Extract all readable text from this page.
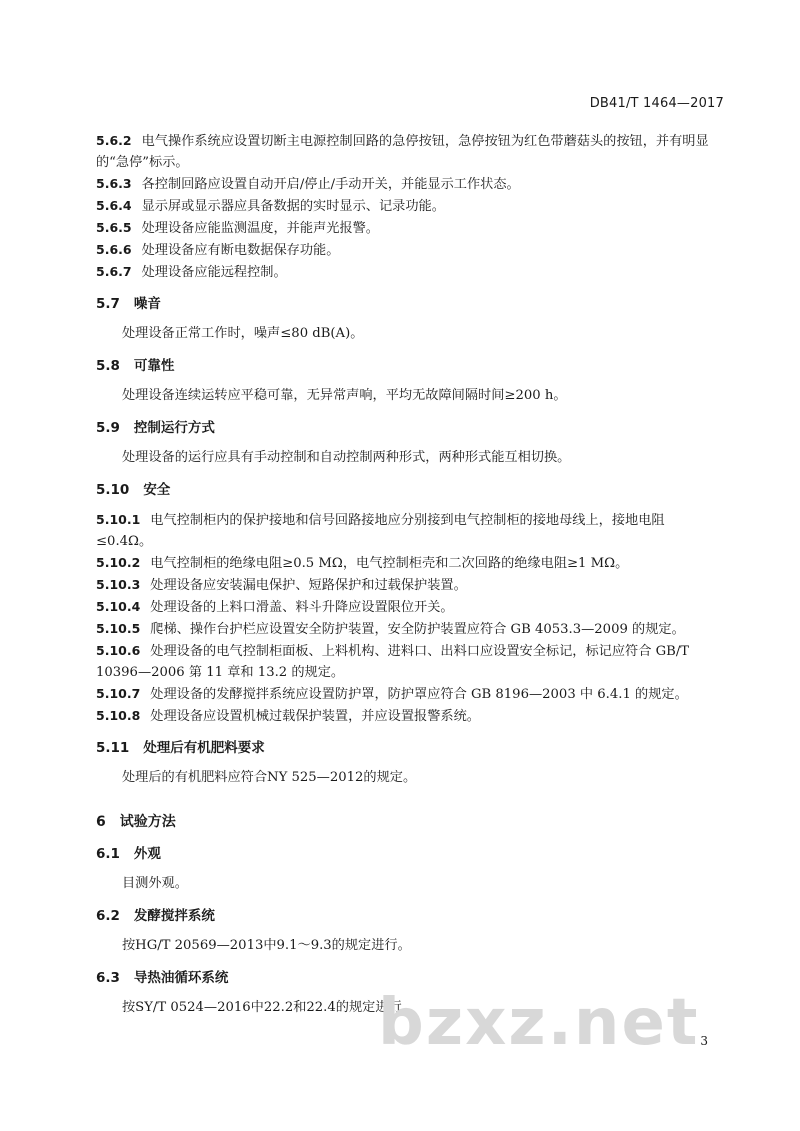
DB41/T 1464—2017

5.6.2 电气操作系统应设置切断主电源控制回路的急停按钮，急停按钮为红色带蘑菇头的按钮，并有明显的“急停”标示。

5.6.3 各控制回路应设置自动开启/停止/手动开关，并能显示工作状态。

5.6.4 显示屏或显示器应具备数据的实时显示、记录功能。

5.6.5 处理设备应能监测温度，并能声光报警。

5.6.6 处理设备应有断电数据保存功能。

5.6.7 处理设备应能远程控制。

5.7 噪音

处理设备正常工作时，噪声≤80 dB(A)。

5.8 可靠性

处理设备连续运转应平稳可靠，无异常声响，平均无故障间隔时间≥200 h。

5.9 控制运行方式

处理设备的运行应具有手动控制和自动控制两种形式，两种形式能互相切换。

5.10 安全

5.10.1 电气控制柜内的保护接地和信号回路接地应分别接到电气控制柜的接地母线上，接地电阻≤0.4Ω。

5.10.2 电气控制柜的绝缘电阻≥0.5 MΩ，电气控制柜壳和二次回路的绝缘电阻≥1 MΩ。

5.10.3 处理设备应安装漏电保护、短路保护和过载保护装置。

5.10.4 处理设备的上料口滑盖、料斗升降应设置限位开关。

5.10.5 爬梯、操作台护栏应设置安全防护装置，安全防护装置应符合 GB 4053.3—2009 的规定。

5.10.6 处理设备的电气控制柜面板、上料机构、进料口、出料口应设置安全标记，标记应符合 GB/T 10396—2006 第 11 章和 13.2 的规定。

5.10.7 处理设备的发酵搅拌系统应设置防护罩，防护罩应符合 GB 8196—2003 中 6.4.1 的规定。

5.10.8 处理设备应设置机械过载保护装置，并应设置报警系统。

5.11 处理后有机肥料要求

处理后的有机肥料应符合NY 525—2012的规定。

6 试验方法
6.1 外观

目测外观。

6.2 发酵搅拌系统

按HG/T 20569—2013中9.1～9.3的规定进行。

6.3 导热油循环系统

按SY/T 0524—2016中22.2和22.4的规定进行。

3
bzxz.net
